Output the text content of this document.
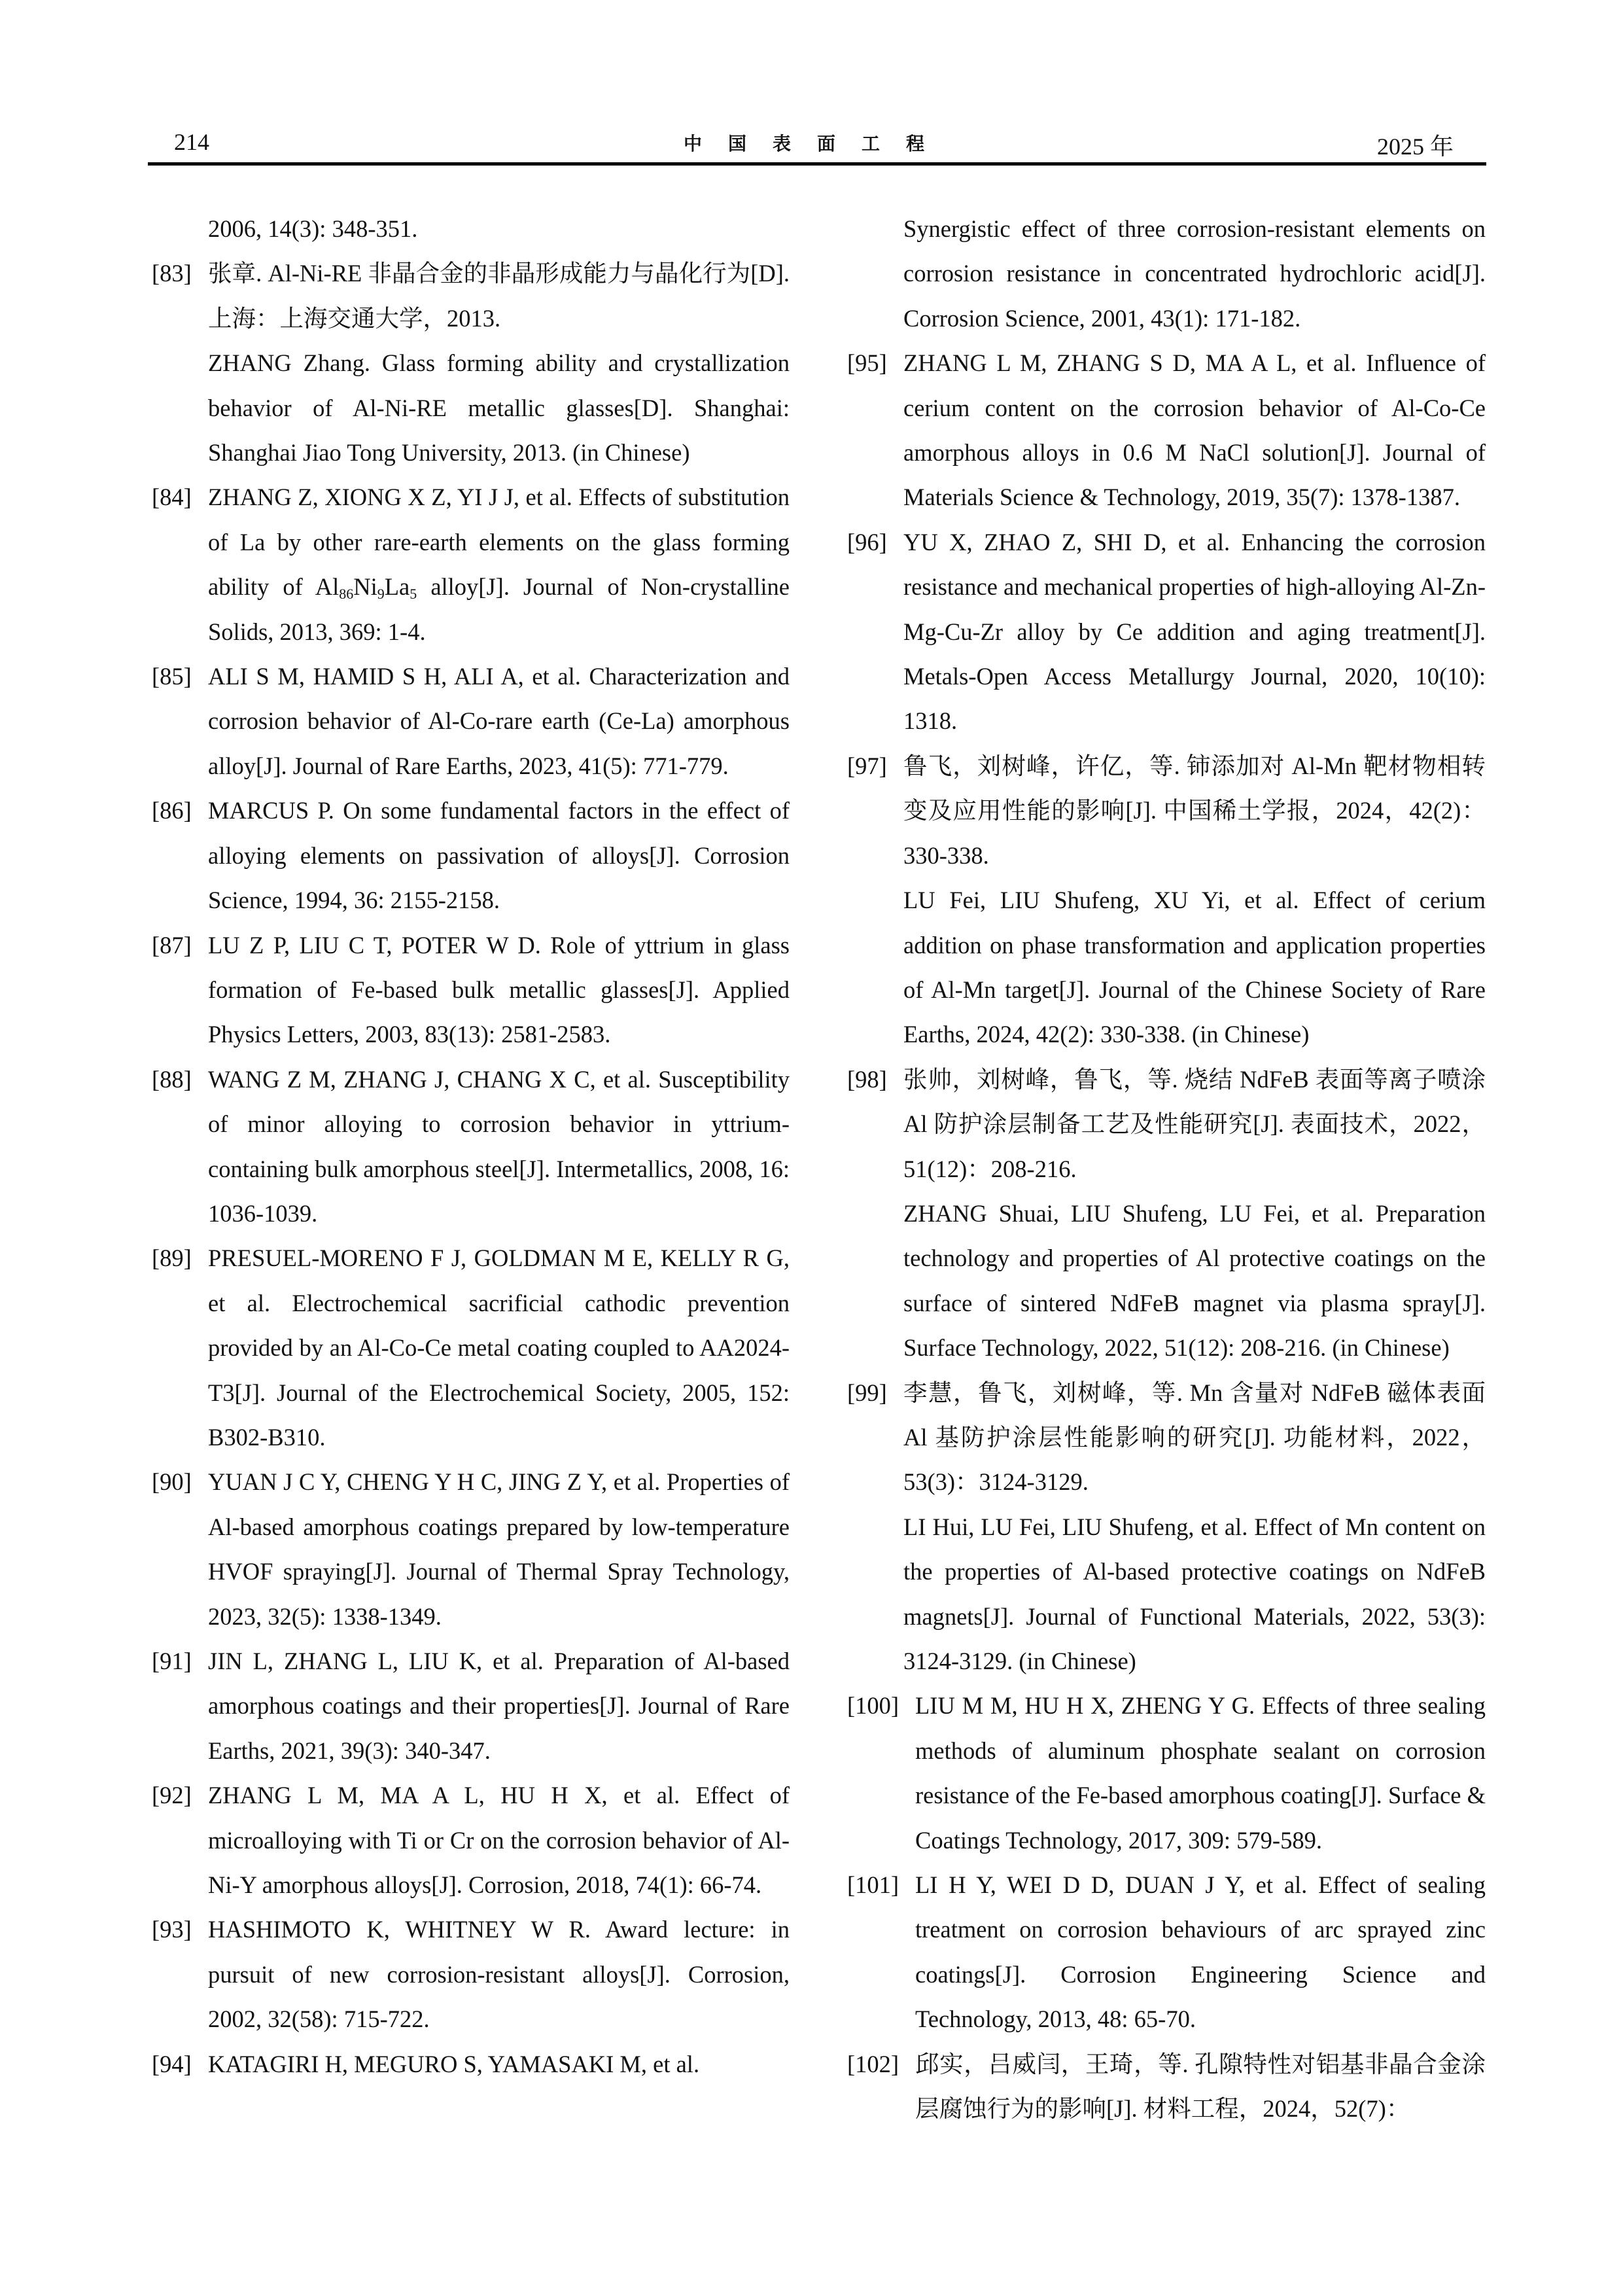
214	中国表面工程	2025 年

2006, 14(3): 348-351.

[83] 张章. Al-Ni-RE 非晶合金的非晶形成能力与晶化行为[D]. 上海：上海交通大学，2013.

ZHANG Zhang. Glass forming ability and crystallization behavior of Al-Ni-RE metallic glasses[D]. Shanghai: Shanghai Jiao Tong University, 2013. (in Chinese)

[84] ZHANG Z, XIONG X Z, YI J J, et al. Effects of substitution of La by other rare-earth elements on the glass forming ability of $Al_{86}Ni_9La_5$ alloy[J]. Journal of Non-crystalline Solids, 2013, 369: 1-4.

[85] ALI S M, HAMID S H, ALI A, et al. Characterization and corrosion behavior of Al-Co-rare earth (Ce-La) amorphous alloy[J]. Journal of Rare Earths, 2023, 41(5): 771-779.

[86] MARCUS P. On some fundamental factors in the effect of alloying elements on passivation of alloys[J]. Corrosion Science, 1994, 36: 2155-2158.

[87] LU Z P, LIU C T, POTER W D. Role of yttrium in glass formation of Fe-based bulk metallic glasses[J]. Applied Physics Letters, 2003, 83(13): 2581-2583.

[88] WANG Z M, ZHANG J, CHANG X C, et al. Susceptibility of minor alloying to corrosion behavior in yttrium-containing bulk amorphous steel[J]. Intermetallics, 2008, 16: 1036-1039.

[89] PRESUEL-MORENO F J, GOLDMAN M E, KELLY R G, et al. Electrochemical sacrificial cathodic prevention provided by an Al-Co-Ce metal coating coupled to AA2024-T3[J]. Journal of the Electrochemical Society, 2005, 152: B302-B310.

[90] YUAN J C Y, CHENG Y H C, JING Z Y, et al. Properties of Al-based amorphous coatings prepared by low-temperature HVOF spraying[J]. Journal of Thermal Spray Technology, 2023, 32(5): 1338-1349.

[91] JIN L, ZHANG L, LIU K, et al. Preparation of Al-based amorphous coatings and their properties[J]. Journal of Rare Earths, 2021, 39(3): 340-347.

[92] ZHANG L M, MA A L, HU H X, et al. Effect of microalloying with Ti or Cr on the corrosion behavior of Al-Ni-Y amorphous alloys[J]. Corrosion, 2018, 74(1): 66-74.

[93] HASHIMOTO K, WHITNEY W R. Award lecture: in pursuit of new corrosion-resistant alloys[J]. Corrosion, 2002, 32(58): 715-722.

[94] KATAGIRI H, MEGURO S, YAMASAKI M, et al.

Synergistic effect of three corrosion-resistant elements on corrosion resistance in concentrated hydrochloric acid[J]. Corrosion Science, 2001, 43(1): 171-182.

[95] ZHANG L M, ZHANG S D, MA A L, et al. Influence of cerium content on the corrosion behavior of Al-Co-Ce amorphous alloys in 0.6 M NaCl solution[J]. Journal of Materials Science & Technology, 2019, 35(7): 1378-1387.

[96] YU X, ZHAO Z, SHI D, et al. Enhancing the corrosion resistance and mechanical properties of high-alloying Al-Zn-Mg-Cu-Zr alloy by Ce addition and aging treatment[J]. Metals-Open Access Metallurgy Journal, 2020, 10(10): 1318.

[97] 鲁飞，刘树峰，许亿，等. 铈添加对 Al-Mn 靶材物相转变及应用性能的影响[J]. 中国稀土学报，2024，42(2)：330-338.

LU Fei, LIU Shufeng, XU Yi, et al. Effect of cerium addition on phase transformation and application properties of Al-Mn target[J]. Journal of the Chinese Society of Rare Earths, 2024, 42(2): 330-338. (in Chinese)

[98] 张帅，刘树峰，鲁飞，等. 烧结 NdFeB 表面等离子喷涂 Al 防护涂层制备工艺及性能研究[J]. 表面技术，2022，51(12)：208-216.

ZHANG Shuai, LIU Shufeng, LU Fei, et al. Preparation technology and properties of Al protective coatings on the surface of sintered NdFeB magnet via plasma spray[J]. Surface Technology, 2022, 51(12): 208-216. (in Chinese)

[99] 李慧，鲁飞，刘树峰，等. Mn 含量对 NdFeB 磁体表面 Al 基防护涂层性能影响的研究[J]. 功能材料，2022，53(3)：3124-3129.

LI Hui, LU Fei, LIU Shufeng, et al. Effect of Mn content on the properties of Al-based protective coatings on NdFeB magnets[J]. Journal of Functional Materials, 2022, 53(3): 3124-3129. (in Chinese)

[100] LIU M M, HU H X, ZHENG Y G. Effects of three sealing methods of aluminum phosphate sealant on corrosion resistance of the Fe-based amorphous coating[J]. Surface & Coatings Technology, 2017, 309: 579-589.

[101] LI H Y, WEI D D, DUAN J Y, et al. Effect of sealing treatment on corrosion behaviours of arc sprayed zinc coatings[J]. Corrosion Engineering Science and Technology, 2013, 48: 65-70.

[102] 邱实，吕威闫，王琦，等. 孔隙特性对铝基非晶合金涂层腐蚀行为的影响[J]. 材料工程，2024，52(7)：
